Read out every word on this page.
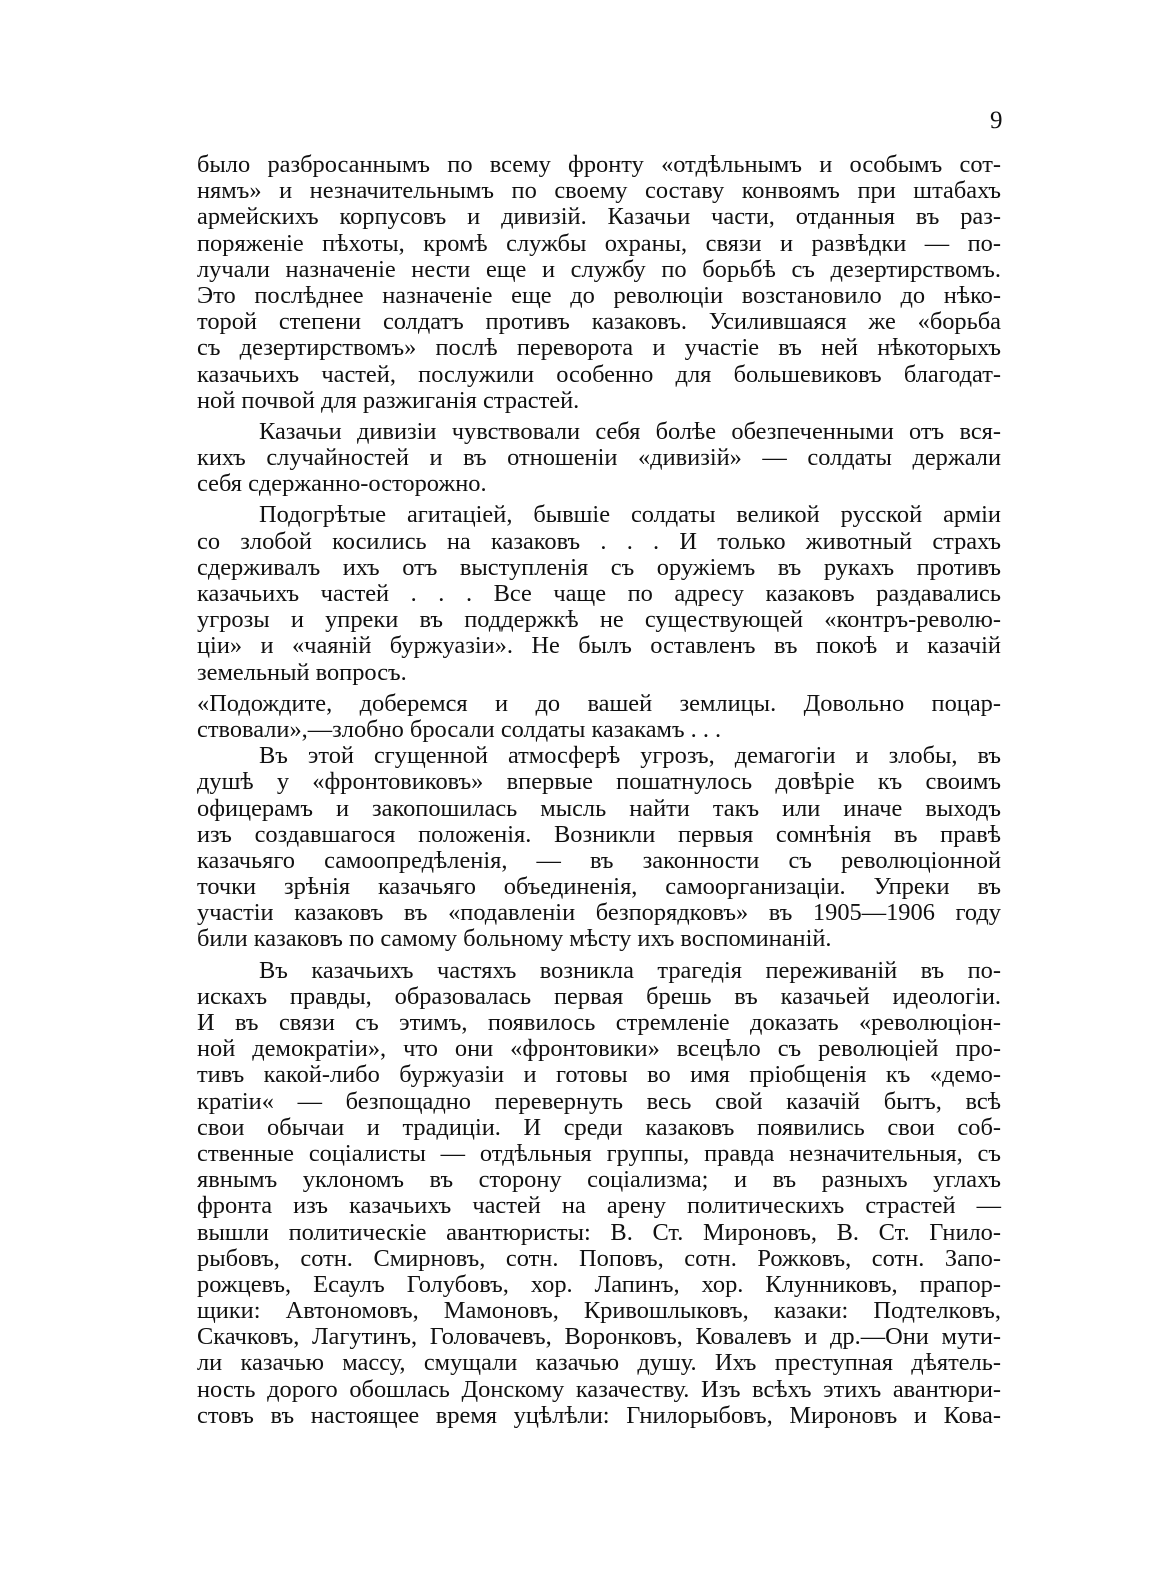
9
было разбросаннымъ по всему фронту «отдѣльнымъ и особымъ сот-
нямъ» и незначительнымъ по своему составу конвоямъ при штабахъ
армейскихъ корпусовъ и дивизій. Казачьи части, отданныя въ раз-
поряженіе пѣхоты, кромѣ службы охраны, связи и развѣдки — по-
лучали назначеніе нести еще и службу по борьбѣ съ дезертирствомъ.
Это послѣднее назначеніе еще до революціи возстановило до нѣко-
торой степени солдатъ противъ казаковъ. Усилившаяся же «борьба
съ дезертирствомъ» послѣ переворота и участіе въ ней нѣкоторыхъ
казачьихъ частей, послужили особенно для большевиковъ благодат-
ной почвой для разжиганія страстей.
Казачьи дивизіи чувствовали себя болѣе обезпеченными отъ вся-
кихъ случайностей и въ отношеніи «дивизій» — солдаты держали
себя сдержанно-осторожно.
Подогрѣтые агитаціей, бывшіе солдаты великой русской арміи
со злобой косились на казаковъ . . . И только животный страхъ
сдерживалъ ихъ отъ выступленія съ оружіемъ въ рукахъ противъ
казачьихъ частей . . . Все чаще по адресу казаковъ раздавались
угрозы и упреки въ поддержкѣ не существующей «контръ-револю-
ціи» и «чаяній буржуазіи». Не былъ оставленъ въ покоѣ и казачій
земельный вопросъ.
«Подождите, доберемся и до вашей землицы. Довольно поцар-
ствовали»,—злобно бросали солдаты казакамъ . . .
Въ этой сгущенной атмосферѣ угрозъ, демагогіи и злобы, въ
душѣ у «фронтовиковъ» впервые пошатнулось довѣріе къ своимъ
офицерамъ и закопошилась мысль найти такъ или иначе выходъ
изъ создавшагося положенія. Возникли первыя сомнѣнія въ правѣ
казачьяго самоопредѣленія, — въ законности съ революціонной
точки зрѣнія казачьяго объединенія, самоорганизаціи. Упреки въ
участіи казаковъ въ «подавленіи безпорядковъ» въ 1905—1906 году
били казаковъ по самому больному мѣсту ихъ воспоминаній.
Въ казачьихъ частяхъ возникла трагедія переживаній въ по-
искахъ правды, образовалась первая брешь въ казачьей идеологіи.
И въ связи съ этимъ, появилось стремленіе доказать «революціон-
ной демократіи», что они «фронтовики» всецѣло съ революціей про-
тивъ какой-либо буржуазіи и готовы во имя пріобщенія къ «демо-
кратіи« — безпощадно перевернуть весь свой казачій бытъ, всѣ
свои обычаи и традиціи. И среди казаковъ появились свои соб-
ственные соціалисты — отдѣльныя группы, правда незначительныя, съ
явнымъ уклономъ въ сторону соціализма; и въ разныхъ углахъ
фронта изъ казачьихъ частей на арену политическихъ страстей —
вышли политическіе авантюристы: В. Ст. Мироновъ, В. Ст. Гнило-
рыбовъ, сотн. Смирновъ, сотн. Поповъ, сотн. Рожковъ, сотн. Запо-
рожцевъ, Есаулъ Голубовъ, хор. Лапинъ, хор. Клунниковъ, прапор-
щики: Автономовъ, Мамоновъ, Кривошлыковъ, казаки: Подтелковъ,
Скачковъ, Лагутинъ, Головачевъ, Воронковъ, Ковалевъ и др.—Они мути-
ли казачью массу, смущали казачью душу. Ихъ преступная дѣятель-
ность дорого обошлась Донскому казачеству. Изъ всѣхъ этихъ авантюри-
стовъ въ настоящее время уцѣлѣли: Гнилорыбовъ, Мироновъ и Кова-
